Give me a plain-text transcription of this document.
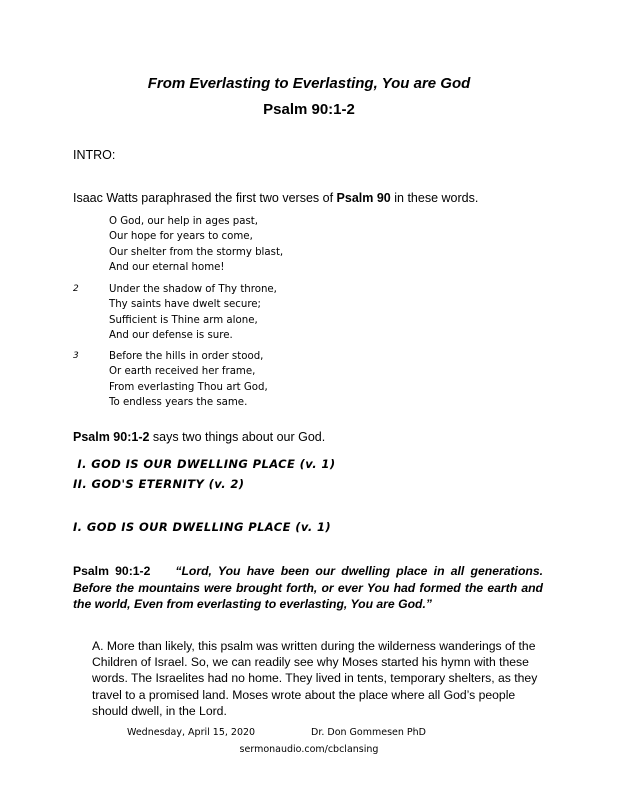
From Everlasting to Everlasting, You are God
Psalm 90:1-2
INTRO:
Isaac Watts paraphrased the first two verses of Psalm 90 in these words.
O God, our help in ages past,
Our hope for years to come,
Our shelter from the stormy blast,
And our eternal home!
2	Under the shadow of Thy throne,
Thy saints have dwelt secure;
Sufficient is Thine arm alone,
And our defense is sure.
3	Before the hills in order stood,
Or earth received her frame,
From everlasting Thou art God,
To endless years the same.
Psalm 90:1-2 says two things about our God.
I. GOD IS OUR DWELLING PLACE (v. 1)
II. GOD'S ETERNITY (v. 2)
I. GOD IS OUR DWELLING PLACE (v. 1)
Psalm 90:1-2 “Lord, You have been our dwelling place in all generations. Before the mountains were brought forth, or ever You had formed the earth and the world, Even from everlasting to everlasting, You are God.”
A. More than likely, this psalm was written during the wilderness wanderings of the Children of Israel. So, we can readily see why Moses started his hymn with these words. The Israelites had no home. They lived in tents, temporary shelters, as they travel to a promised land. Moses wrote about the place where all God’s people should dwell, in the Lord.
Wednesday, April 15, 2020	Dr. Don Gommesen PhD
sermonaudio.com/cbclansing
